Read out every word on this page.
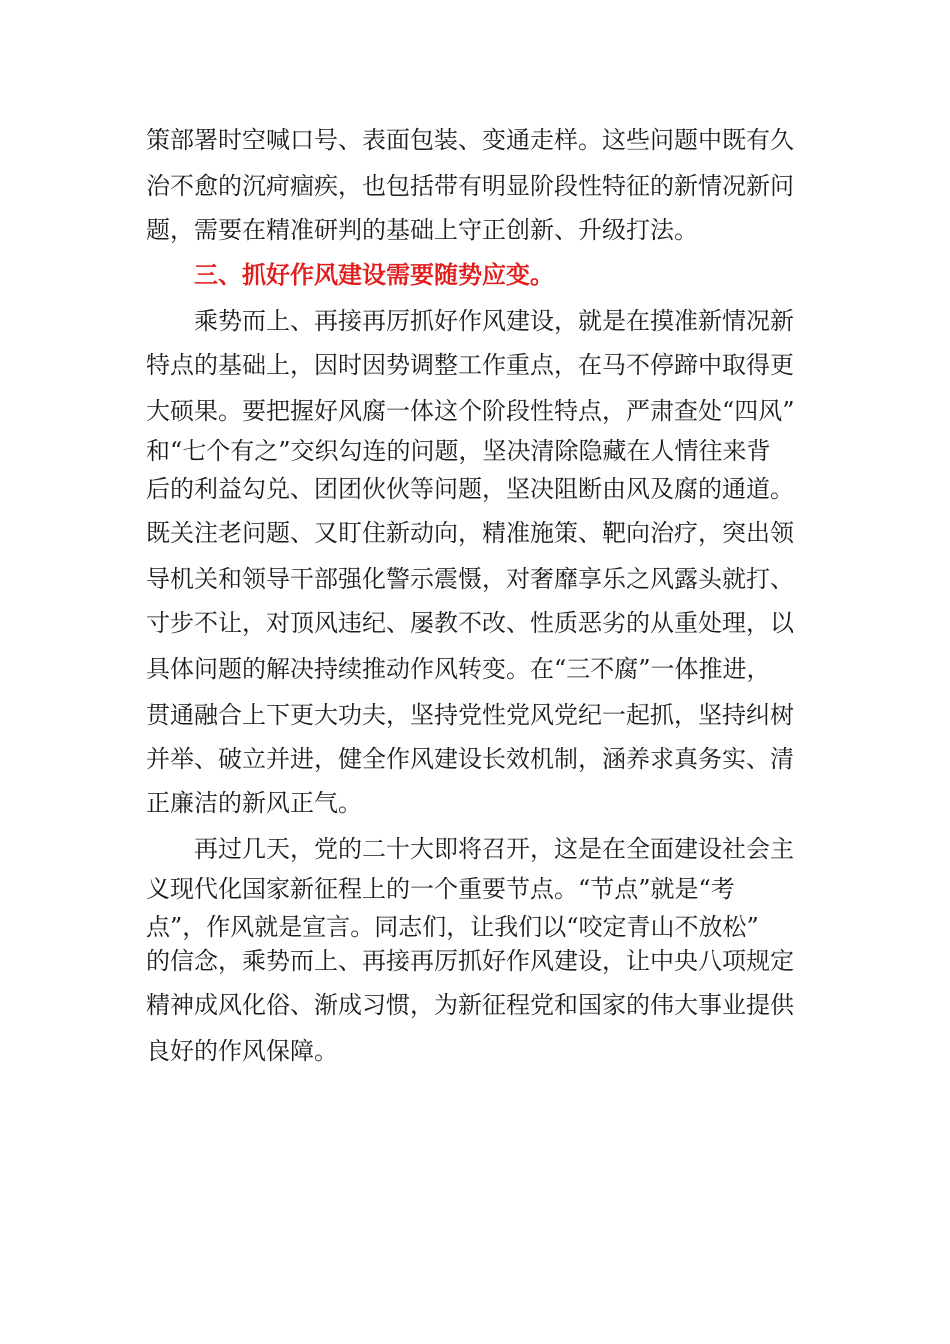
策部署时空喊口号、表面包装、变通走样。这些问题中既有久

治不愈的沉疴痼疾，也包括带有明显阶段性特征的新情况新问

题，需要在精准研判的基础上守正创新、升级打法。

三、抓好作风建设需要随势应变。

乘势而上、再接再厉抓好作风建设，就是在摸准新情况新

特点的基础上，因时因势调整工作重点，在马不停蹄中取得更

大硕果。要把握好风腐一体这个阶段性特点，严肃查处“四风”

和“七个有之”交织勾连的问题，坚决清除隐藏在人情往来背

后的利益勾兑、团团伙伙等问题，坚决阻断由风及腐的通道。

既关注老问题、又盯住新动向，精准施策、靶向治疗，突出领

导机关和领导干部强化警示震慑，对奢靡享乐之风露头就打、

寸步不让，对顶风违纪、屡教不改、性质恶劣的从重处理，以

具体问题的解决持续推动作风转变。在“三不腐”一体推进，

贯通融合上下更大功夫，坚持党性党风党纪一起抓，坚持纠树

并举、破立并进，健全作风建设长效机制，涵养求真务实、清

正廉洁的新风正气。

再过几天，党的二十大即将召开，这是在全面建设社会主

义现代化国家新征程上的一个重要节点。“节点”就是“考

点”，作风就是宣言。同志们，让我们以“咬定青山不放松”

的信念，乘势而上、再接再厉抓好作风建设，让中央八项规定

精神成风化俗、渐成习惯，为新征程党和国家的伟大事业提供

良好的作风保障。
